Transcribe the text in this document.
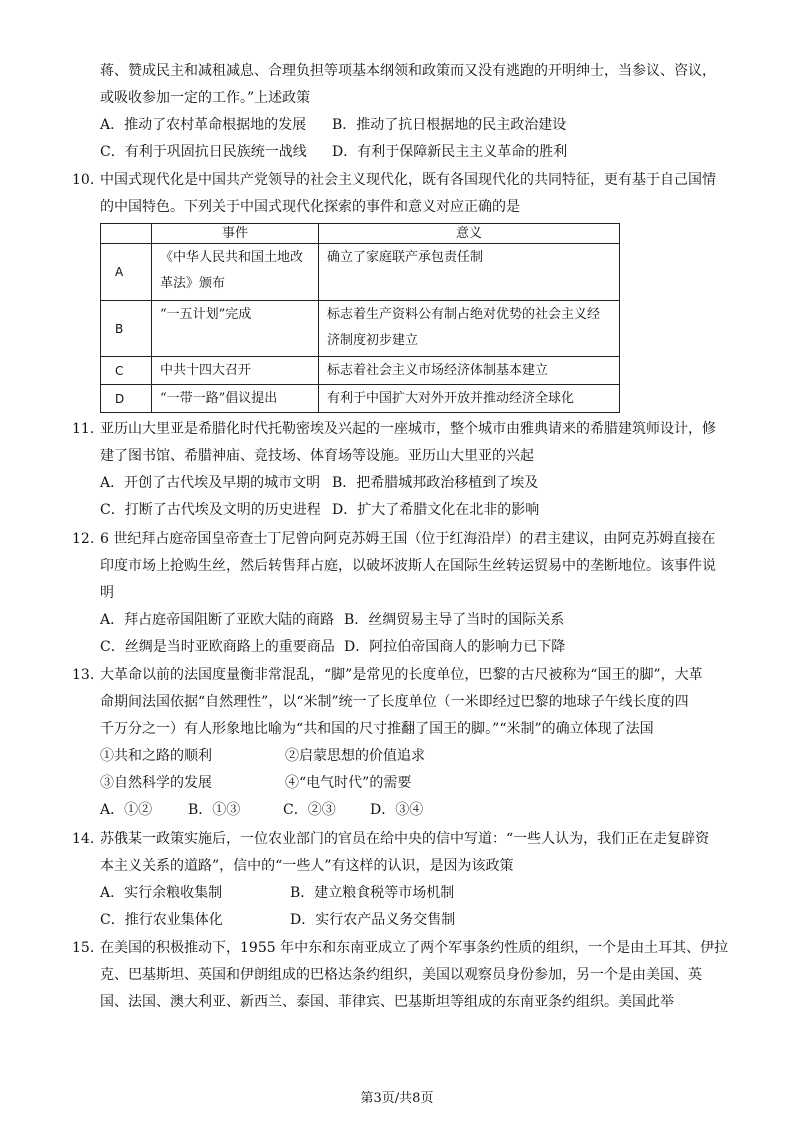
蒋、赞成民主和减租减息、合理负担等项基本纲领和政策而又没有逃跑的开明绅士，当参议、咨议，
或吸收参加一定的工作。”上述政策
A．推动了农村革命根据地的发展 B．推动了抗日根据地的民主政治建设
C．有利于巩固抗日民族统一战线 D．有利于保障新民主主义革命的胜利
10. 中国式现代化是中国共产党领导的社会主义现代化，既有各国现代化的共同特征，更有基于自己国情
的中国特色。下列关于中国式现代化探索的事件和意义对应正确的是
	事件	意义
A	《中华人民共和国土地改
革法》颁布	确立了家庭联产承包责任制

B	“一五计划”完成	标志着生产资料公有制占绝对优势的社会主义经
济制度初步建立

C	中共十四大召开	标志着社会主义市场经济体制基本建立

D	“一带一路”倡议提出	有利于中国扩大对外开放并推动经济全球化
11. 亚历山大里亚是希腊化时代托勒密埃及兴起的一座城市，整个城市由雅典请来的希腊建筑师设计，修
建了图书馆、希腊神庙、竞技场、体育场等设施。亚历山大里亚的兴起
A．开创了古代埃及早期的城市文明 B．把希腊城邦政治移植到了埃及
C．打断了古代埃及文明的历史进程 D．扩大了希腊文化在北非的影响
12. 6 世纪拜占庭帝国皇帝查士丁尼曾向阿克苏姆王国（位于红海沿岸）的君主建议，由阿克苏姆直接在
印度市场上抢购生丝，然后转售拜占庭，以破坏波斯人在国际生丝转运贸易中的垄断地位。该事件说
明
A．拜占庭帝国阻断了亚欧大陆的商路 B．丝绸贸易主导了当时的国际关系
C．丝绸是当时亚欧商路上的重要商品 D．阿拉伯帝国商人的影响力已下降
13. 大革命以前的法国度量衡非常混乱，“脚”是常见的长度单位，巴黎的古尺被称为“国王的脚”，大革
命期间法国依据“自然理性”，以“米制”统一了长度单位（一米即经过巴黎的地球子午线长度的四
千万分之一）有人形象地比喻为“共和国的尺寸推翻了国王的脚。”“米制”的确立体现了法国
①共和之路的顺利	②启蒙思想的价值追求
③自然科学的发展	④“电气时代”的需要
A．①②	B．①③	C．②③ D．③④
14. 苏俄某一政策实施后，一位农业部门的官员在给中央的信中写道：“一些人认为，我们正在走复辟资
本主义关系的道路”，信中的“一些人”有这样的认识，是因为该政策
A．实行余粮收集制	B．建立粮食税等市场机制
C．推行农业集体化	D．实行农产品义务交售制
15. 在美国的积极推动下，1955 年中东和东南亚成立了两个军事条约性质的组织，一个是由土耳其、伊拉
克、巴基斯坦、英国和伊朗组成的巴格达条约组织，美国以观察员身份参加，另一个是由美国、英
国、法国、澳大利亚、新西兰、泰国、菲律宾、巴基斯坦等组成的东南亚条约组织。美国此举
第3页/共8页
